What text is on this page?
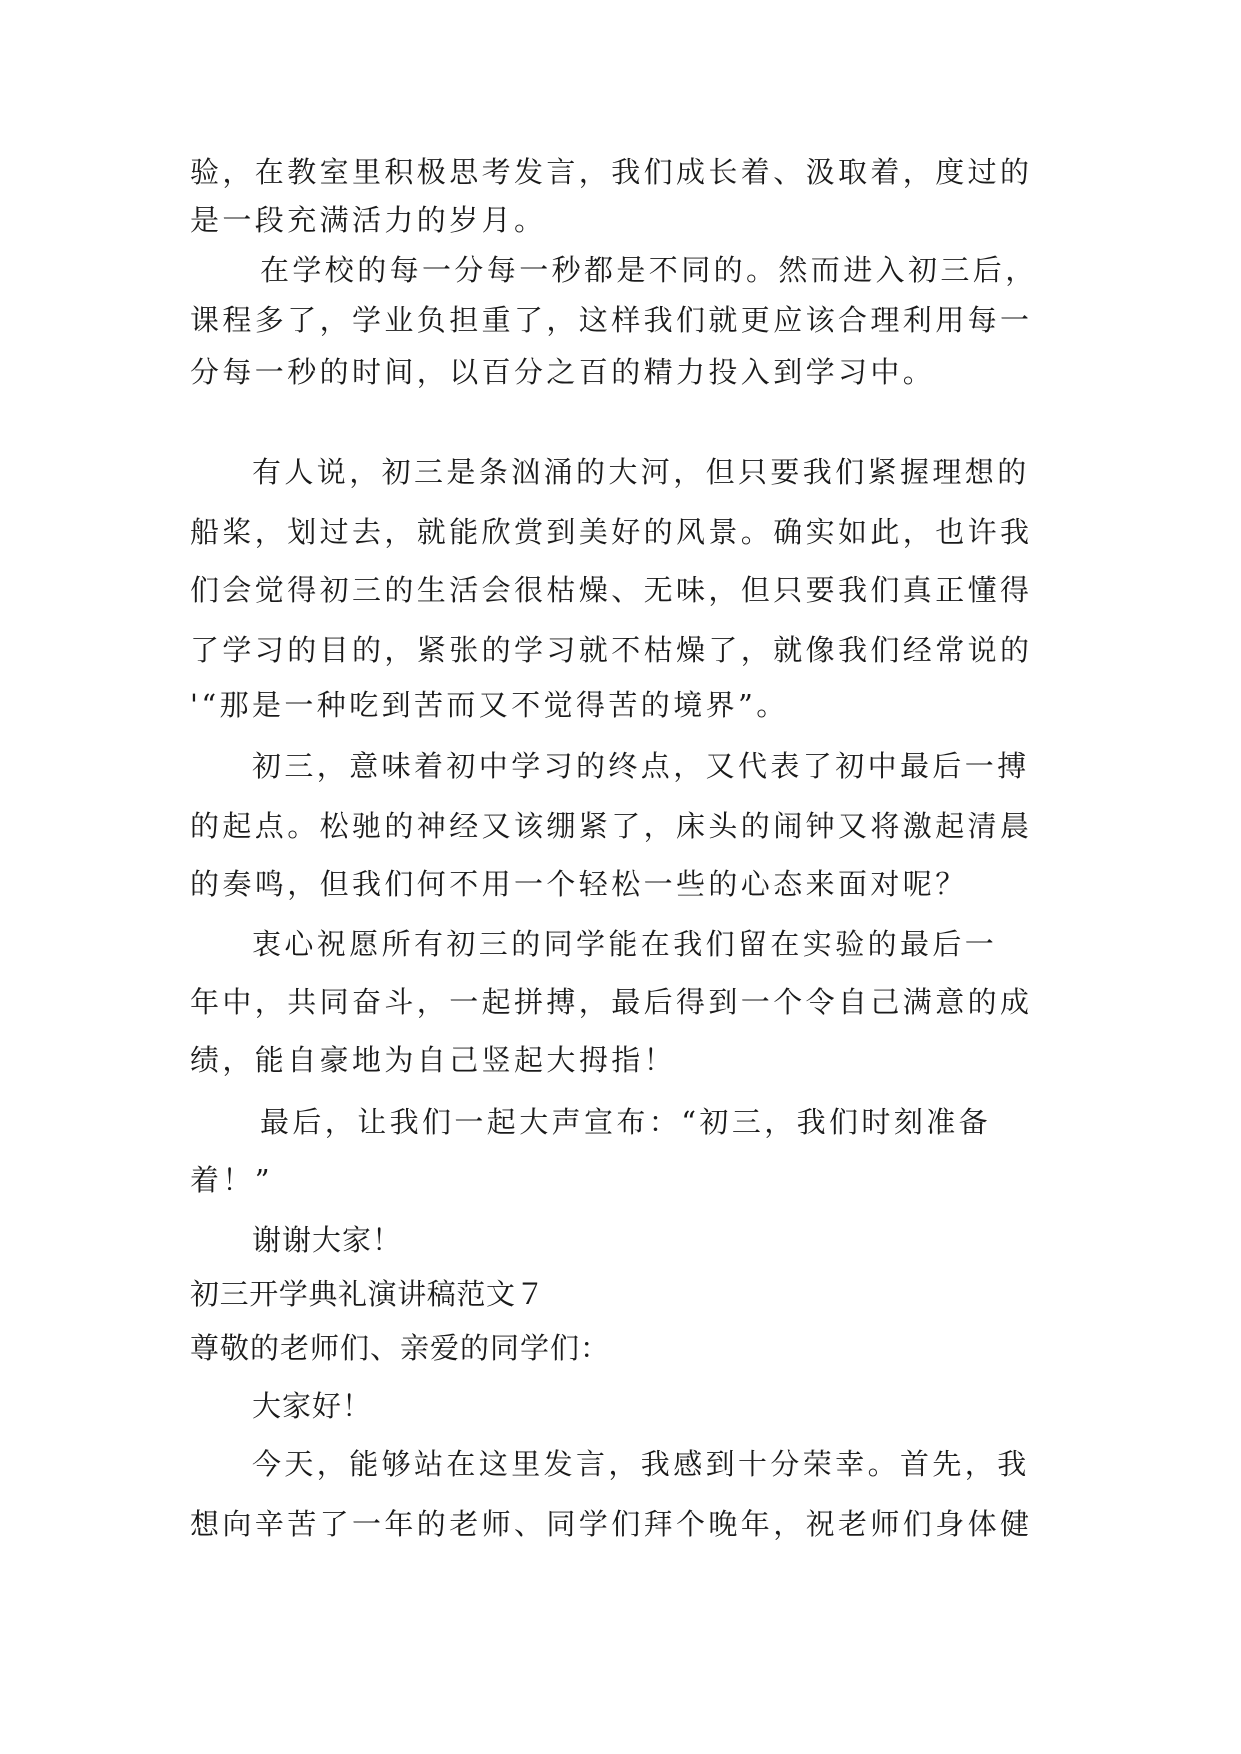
验，在教室里积极思考发言，我们成长着、汲取着，度过的
是一段充满活力的岁月。
在学校的每一分每一秒都是不同的。然而进入初三后，
课程多了，学业负担重了，这样我们就更应该合理利用每一
分每一秒的时间，以百分之百的精力投入到学习中。
有人说，初三是条汹涌的大河，但只要我们紧握理想的
船桨，划过去，就能欣赏到美好的风景。确实如此，也许我
们会觉得初三的生活会很枯燥、无味，但只要我们真正懂得
了学习的目的，紧张的学习就不枯燥了，就像我们经常说的
'“那是一种吃到苦而又不觉得苦的境界”。
初三，意味着初中学习的终点，又代表了初中最后一搏
的起点。松驰的神经又该绷紧了，床头的闹钟又将激起清晨
的奏鸣，但我们何不用一个轻松一些的心态来面对呢？
衷心祝愿所有初三的同学能在我们留在实验的最后一
年中，共同奋斗，一起拼搏，最后得到一个令自己满意的成
绩，能自豪地为自己竖起大拇指！
最后，让我们一起大声宣布：“初三，我们时刻准备
着！”
谢谢大家！
初三开学典礼演讲稿范文７
尊敬的老师们、亲爱的同学们：
大家好！
今天，能够站在这里发言，我感到十分荣幸。首先，我
想向辛苦了一年的老师、同学们拜个晚年，祝老师们身体健
